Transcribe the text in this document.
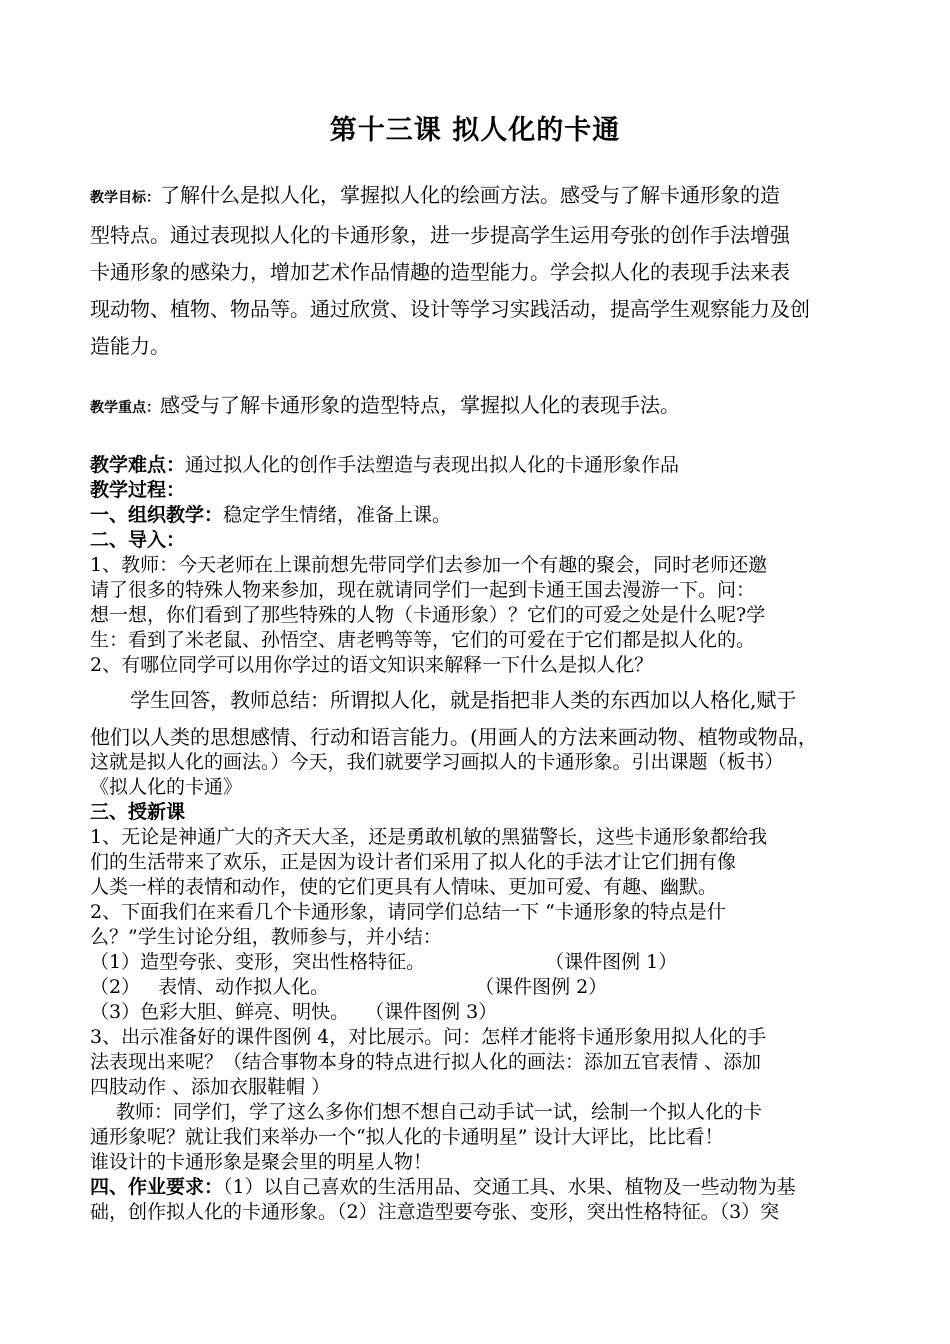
第十三课 拟人化的卡通
教学目标：了解什么是拟人化，掌握拟人化的绘画方法。感受与了解卡通形象的造
型特点。通过表现拟人化的卡通形象，进一步提高学生运用夸张的创作手法增强
卡通形象的感染力，增加艺术作品情趣的造型能力。学会拟人化的表现手法来表
现动物、植物、物品等。通过欣赏、设计等学习实践活动，提高学生观察能力及创
造能力。
教学重点：感受与了解卡通形象的造型特点，掌握拟人化的表现手法。
教学难点：通过拟人化的创作手法塑造与表现出拟人化的卡通形象作品
教学过程：
一、组织教学：稳定学生情绪，准备上课。
二、导入：
1、教师：今天老师在上课前想先带同学们去参加一个有趣的聚会，同时老师还邀
请了很多的特殊人物来参加，现在就请同学们一起到卡通王国去漫游一下。问：
想一想，你们看到了那些特殊的人物（卡通形象）？它们的可爱之处是什么呢?学
生：看到了米老鼠、孙悟空、唐老鸭等等，它们的可爱在于它们都是拟人化的。
2、有哪位同学可以用你学过的语文知识来解释一下什么是拟人化？
学生回答，教师总结：所谓拟人化，就是指把非人类的东西加以人格化,赋于
他们以人类的思想感情、行动和语言能力。(用画人的方法来画动物、植物或物品，
这就是拟人化的画法。）今天，我们就要学习画拟人的卡通形象。引出课题（板书）
《拟人化的卡通》
三、授新课
1、无论是神通广大的齐天大圣，还是勇敢机敏的黑猫警长，这些卡通形象都给我
们的生活带来了欢乐，正是因为设计者们采用了拟人化的手法才让它们拥有像
人类一样的表情和动作，使的它们更具有人情味、更加可爱、有趣、幽默。
2、下面我们在来看几个卡通形象，请同学们总结一下 “卡通形象的特点是什
么？”学生讨论分组，教师参与，并小结：
（1）造型夸张、变形，突出性格特征。	（课件图例 1）
（2） 表情、动作拟人化。	（课件图例 2）
（3）色彩大胆、鲜亮、明快。 （课件图例 3）
3、出示准备好的课件图例 4，对比展示。问：怎样才能将卡通形象用拟人化的手
法表现出来呢？（结合事物本身的特点进行拟人化的画法：添加五官表情 、添加
四肢动作 、添加衣服鞋帽 ）
教师：同学们，学了这么多你们想不想自己动手试一试，绘制一个拟人化的卡
通形象呢？就让我们来举办一个“拟人化的卡通明星” 设计大评比，比比看！
谁设计的卡通形象是聚会里的明星人物！
四、作业要求：（1）以自己喜欢的生活用品、交通工具、水果、植物及一些动物为基
础，创作拟人化的卡通形象。（2）注意造型要夸张、变形，突出性格特征。（3）突
